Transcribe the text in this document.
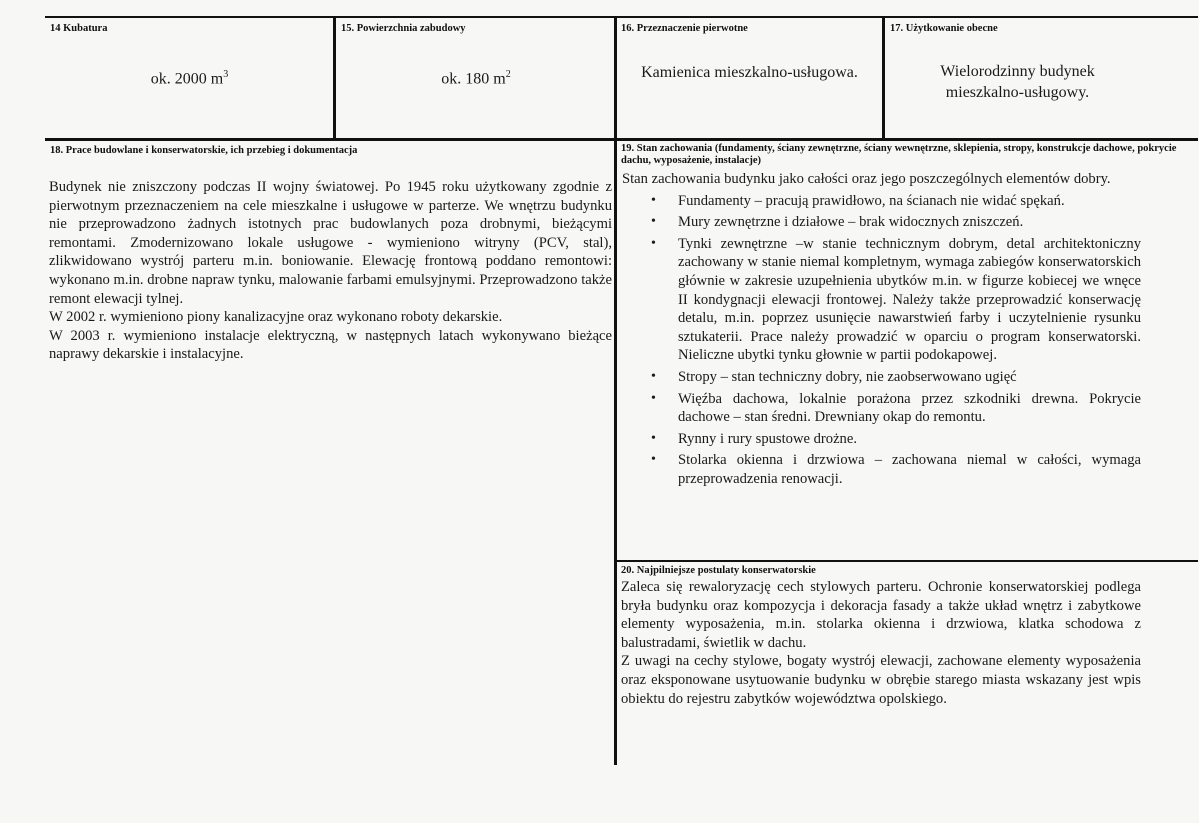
14 Kubatura
ok. 2000 $m^3$
15. Powierzchnia zabudowy
ok. 180 $m^2$
16. Przeznaczenie pierwotne
Kamienica mieszkalno-usługowa.
17. Użytkowanie obecne
Wielorodzinny budynek
mieszkalno-usługowy.
18. Prace budowlane i konserwatorskie, ich przebieg i dokumentacja

Budynek nie zniszczony podczas II wojny światowej. Po 1945 roku użytkowany zgodnie z pierwotnym przeznaczeniem na cele mieszkalne i usługowe w parterze. We wnętrzu budynku nie przeprowadzono żadnych istotnych prac budowlanych poza drobnymi, bieżącymi remontami. Zmodernizowano lokale usługowe - wymieniono witryny (PCV, stal), zlikwidowano wystrój parteru m.in. boniowanie. Elewację frontową poddano remontowi: wykonano m.in. drobne napraw tynku, malowanie farbami emulsyjnymi. Przeprowadzono także remont elewacji tylnej.

W 2002 r. wymieniono piony kanalizacyjne oraz wykonano roboty dekarskie.

W 2003 r. wymieniono instalacje elektryczną, w następnych latach wykonywano bieżące naprawy dekarskie i instalacyjne.

19. Stan zachowania (fundamenty, ściany zewnętrzne, ściany wewnętrzne, sklepienia, stropy, konstrukcje dachowe, pokrycie dachu, wyposażenie, instalacje)

Stan zachowania budynku jako całości oraz jego poszczególnych elementów dobry.

• Fundamenty – pracują prawidłowo, na ścianach nie widać spękań.
• Mury zewnętrzne i działowe – brak widocznych zniszczeń.
• Tynki zewnętrzne –w stanie technicznym dobrym, detal architektoniczny zachowany w stanie niemal kompletnym, wymaga zabiegów konserwatorskich głównie w zakresie uzupełnienia ubytków m.in. w figurze kobiecej we wnęce II kondygnacji elewacji frontowej. Należy także przeprowadzić konserwację detalu, m.in. poprzez usunięcie nawarstwień farby i uczytelnienie rysunku sztukaterii. Prace należy prowadzić w oparciu o program konserwatorski. Nieliczne ubytki tynku głownie w partii podokapowej.
• Stropy – stan techniczny dobry, nie zaobserwowano ugięć
• Więźba dachowa, lokalnie porażona przez szkodniki drewna. Pokrycie dachowe – stan średni. Drewniany okap do remontu.
• Rynny i rury spustowe drożne.
• Stolarka okienna i drzwiowa – zachowana niemal w całości, wymaga przeprowadzenia renowacji.
20. Najpilniejsze postulaty konserwatorskie

Zaleca się rewaloryzację cech stylowych parteru. Ochronie konserwatorskiej podlega bryła budynku oraz kompozycja i dekoracja fasady a także układ wnętrz i zabytkowe elementy wyposażenia, m.in. stolarka okienna i drzwiowa, klatka schodowa z balustradami, świetlik w dachu.

Z uwagi na cechy stylowe, bogaty wystrój elewacji, zachowane elementy wyposażenia oraz eksponowane usytuowanie budynku w obrębie starego miasta wskazany jest wpis obiektu do rejestru zabytków województwa opolskiego.
